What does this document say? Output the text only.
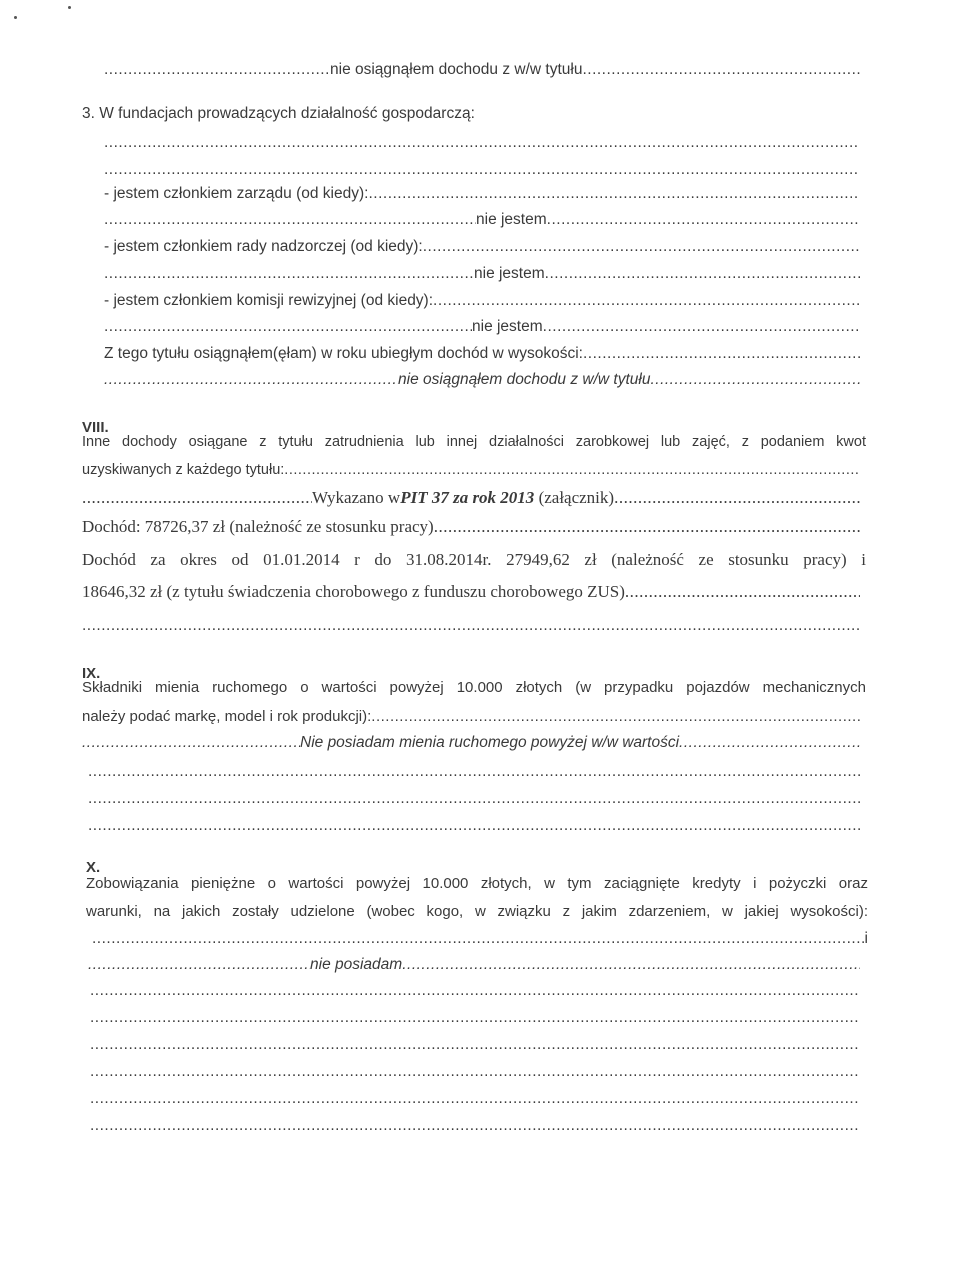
.....
nie osiągnąłem dochodu z w/w tytułu
.....
3. W fundacjach prowadzących działalność gospodarczą:
.....
.....
- jestem członkiem zarządu (od kiedy):
.....
.....
nie jestem
.....
- jestem członkiem rady nadzorczej (od kiedy):
.....
.....
nie jestem
.....
- jestem członkiem komisji rewizyjnej (od kiedy):
.....
.....
nie jestem
.....
Z tego tytułu osiągnąłem(ęłam) w roku ubiegłym dochód w wysokości:
.....
.....
nie osiągnąłem dochodu z w/w tytułu
.....
VIII.
Inne dochody osiągane z tytułu zatrudnienia lub innej działalności zarobkowej lub zajęć, z podaniem kwot
uzyskiwanych z każdego tytułu:
.....
.....
Wykazano w PIT 37 za rok 2013 (załącznik)
.....
Dochód: 78726,37 zł (należność ze stosunku pracy)
.....
Dochód za okres od 01.01.2014 r do 31.08.2014r. 27949,62 zł (należność ze stosunku pracy) i
18646,32 zł (z tytułu świadczenia chorobowego z funduszu chorobowego ZUS)
.....
.....
IX.
Składniki mienia ruchomego o wartości powyżej 10.000 złotych (w przypadku pojazdów mechanicznych
należy podać markę, model i rok produkcji):
.....
.....
Nie posiadam mienia ruchomego powyżej w/w wartości
.....
.....
.....
.....
X.
Zobowiązania pieniężne o wartości powyżej 10.000 złotych, w tym zaciągnięte kredyty i pożyczki oraz
warunki, na jakich zostały udzielone (wobec kogo, w związku z jakim zdarzeniem, w jakiej wysokości):
.....
i
.....
nie posiadam
.....
.....
.....
.....
.....
.....
.....
